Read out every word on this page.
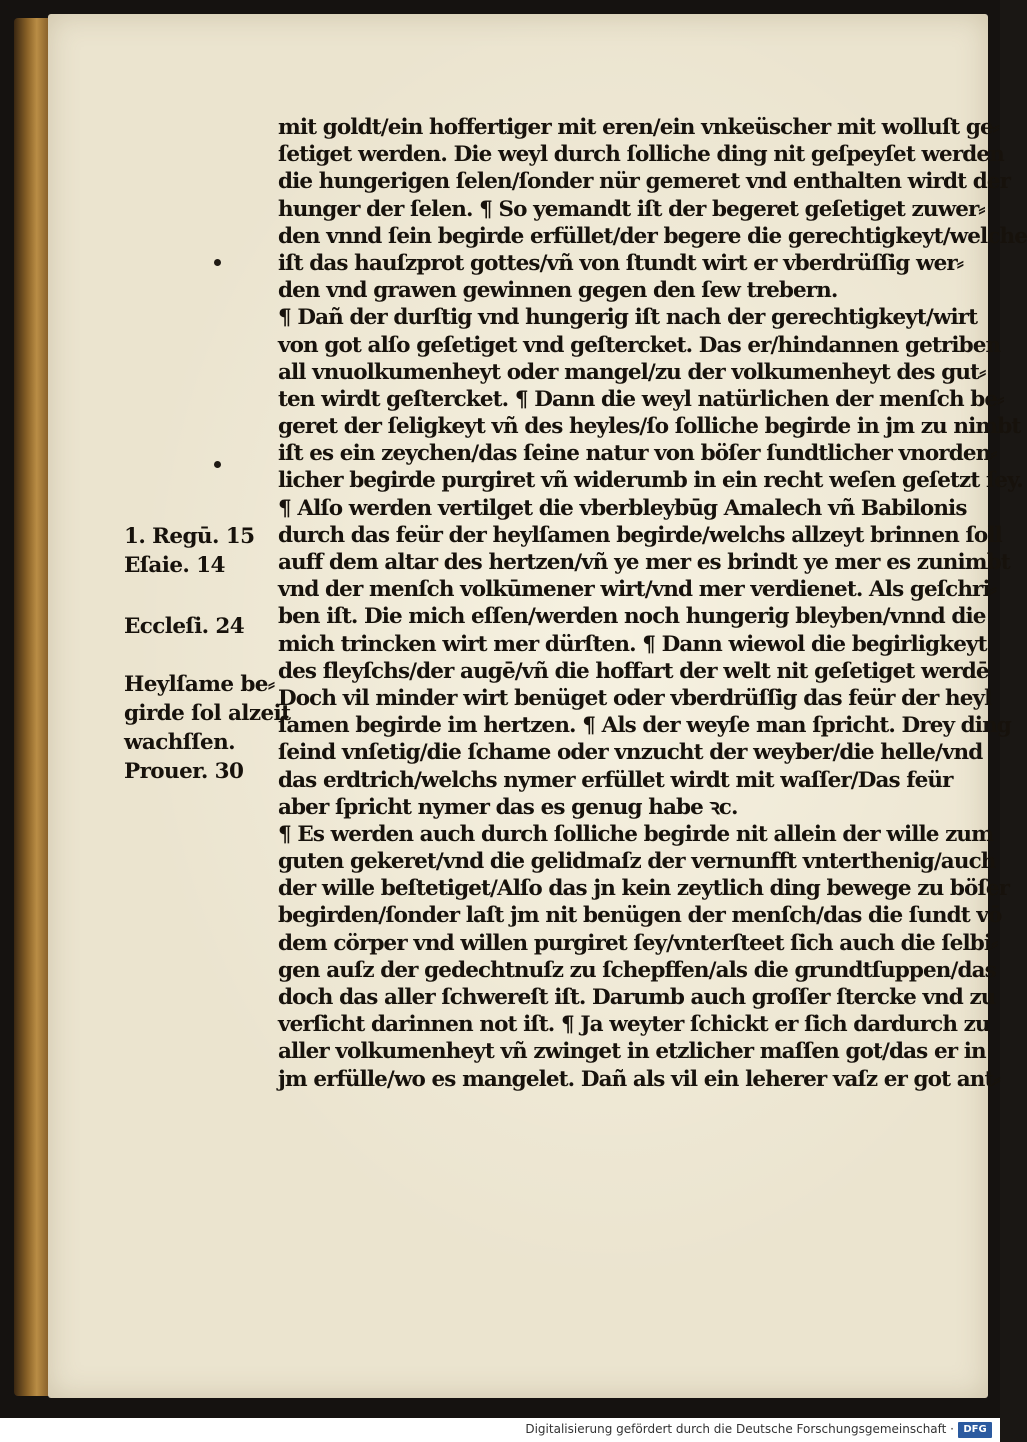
mit goldt/ein hoffertiger mit eren/ein vnkeüscher mit wolluſt ge⸗
ſetiget werden. Die weyl durch ſolliche ding nit geſpeyſet werden
die hungerigen ſelen/ſonder nür gemeret vnd enthalten wirdt der
hunger der ſelen. ¶ So yemandt iſt der begeret geſetiget zuwer⸗
den vnnd ſein begirde erfüllet/der begere die gerechtigkeyt/welche
iſt das hauſzprot gottes/vñ von ſtundt wirt er vberdrüſſig wer⸗
den vnd grawen gewinnen gegen den ſew trebern.
¶ Dañ der durſtig vnd hungerig iſt nach der gerechtigkeyt/wirt
von got alſo geſetiget vnd geſtercket. Das er/hindannen getriben
all vnuolkumenheyt oder mangel/zu der volkumenheyt des gut⸗
ten wirdt geſtercket. ¶ Dann die weyl natürlichen der menſch be⸗
geret der ſeligkeyt vñ des heyles/ſo ſolliche begirde in jm zu nimbt
iſt es ein zeychen/das ſeine natur von böſer ſundtlicher vnorden⸗
licher begirde purgiret vñ widerumb in ein recht weſen geſetzt ſey.
¶ Alſo werden vertilget die vberbleybūg Amalech vñ Babilonis
durch das feür der heylſamen begirde/welchs allzeyt brinnen ſoll
auff dem altar des hertzen/vñ ye mer es brindt ye mer es zunimbt
vnd der menſch volkūmener wirt/vnd mer verdienet. Als geſchri⸗
ben iſt. Die mich eſſen/werden noch hungerig bleyben/vnnd die
mich trincken wirt mer dürſten. ¶ Dann wiewol die begirligkeyt
des fleyſchs/der augē/vñ die hoffart der welt nit geſetiget werdē
Doch vil minder wirt benüget oder vberdrüſſig das feür der heyl
ſamen begirde im hertzen. ¶ Als der weyſe man ſpricht. Drey ding
ſeind vnſetig/die ſchame oder vnzucht der weyber/die helle/vnd
das erdtrich/welchs nymer erfüllet wirdt mit waſſer/Das feür
aber ſpricht nymer das es genug habe ꝛc.
¶ Es werden auch durch ſolliche begirde nit allein der wille zum
guten gekeret/vnd die gelidmaſz der vernunfft vnterthenig/auch
der wille beſtetiget/Alſo das jn kein zeytlich ding bewege zu böſer
begirden/ſonder laſt jm nit benügen der menſch/das die ſundt vō
dem cörper vnd willen purgiret ſey/vnterſteet ſich auch die ſelbi⸗
gen auſz der gedechtnuſz zu ſchepffen/als die grundtſuppen/das
doch das aller ſchwereſt iſt. Darumb auch groſſer ſtercke vnd zu
verſicht darinnen not iſt. ¶ Ja weyter ſchickt er ſich dardurch zu
aller volkumenheyt vñ zwinget in etzlicher maſſen got/das er in
jm erfülle/wo es mangelet. Dañ als vil ein leherer vaſz er got ant⸗
1. Regū. 15
Eſaie. 14
Eccleſi. 24
Heylſame be⸗
girde ſol alzeit
wachſſen.
Prouer. 30
Digitalisierung gefördert durch die Deutsche Forschungsgemeinschaft · DFG
